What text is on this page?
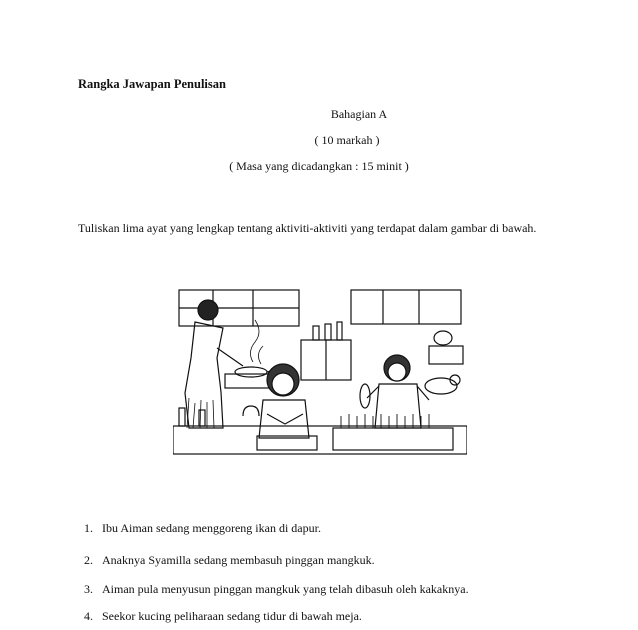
Rangka Jawapan Penulisan
Bahagian A
( 10 markah )
( Masa yang dicadangkan : 15 minit )
Tuliskan lima ayat yang lengkap tentang aktiviti-aktiviti yang terdapat dalam gambar di bawah.
1. Ibu Aiman sedang menggoreng ikan di dapur.
2. Anaknya Syamilla sedang membasuh pinggan mangkuk.
3. Aiman pula menyusun pinggan mangkuk yang telah dibasuh oleh kakaknya.
4. Seekor kucing peliharaan sedang tidur di bawah meja.
